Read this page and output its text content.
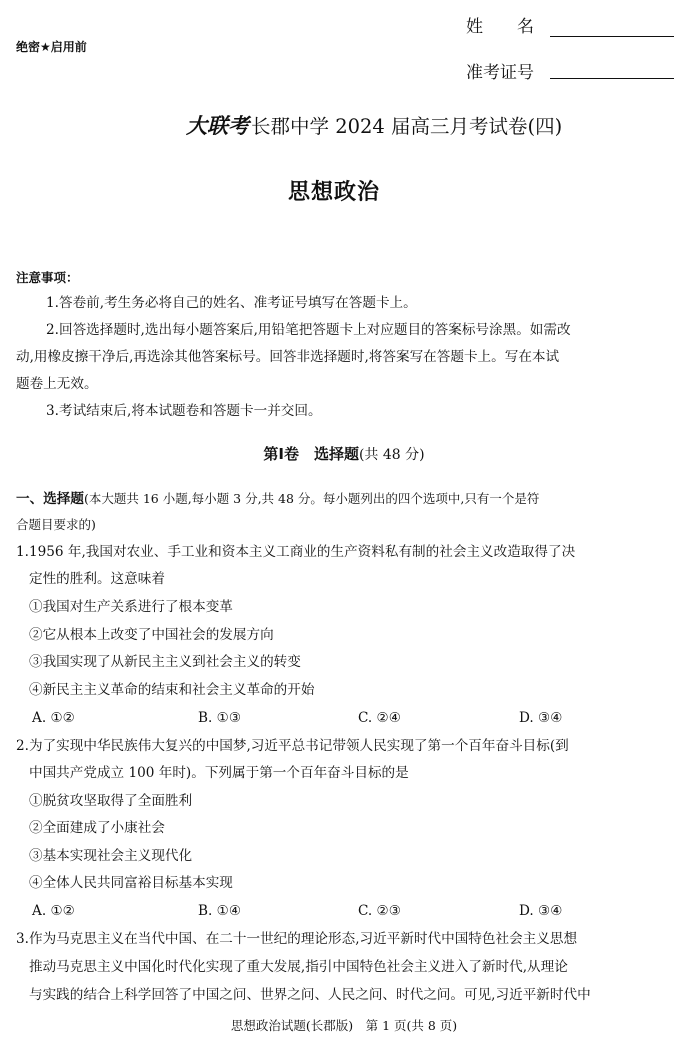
绝密★启用前
姓　　名
准考证号
大联考 长郡中学 2024 届高三月考试卷(四)
思想政治
注意事项：
1.答卷前,考生务必将自己的姓名、准考证号填写在答题卡上。
2.回答选择题时,选出每小题答案后,用铅笔把答题卡上对应题目的答案标号涂黑。如需改
动,用橡皮擦干净后,再选涂其他答案标号。回答非选择题时,将答案写在答题卡上。写在本试
题卷上无效。
3.考试结束后,将本试题卷和答题卡一并交回。
第Ⅰ卷　选择题(共 48 分)
一、选择题(本大题共 16 小题,每小题 3 分,共 48 分。每小题列出的四个选项中,只有一个是符
合题目要求的)
1.1956 年,我国对农业、手工业和资本主义工商业的生产资料私有制的社会主义改造取得了决
定性的胜利。这意味着
①我国对生产关系进行了根本变革
②它从根本上改变了中国社会的发展方向
③我国实现了从新民主主义到社会主义的转变
④新民主主义革命的结束和社会主义革命的开始
A. ①②	B. ①③	C. ②④	D. ③④
2.为了实现中华民族伟大复兴的中国梦,习近平总书记带领人民实现了第一个百年奋斗目标(到
中国共产党成立 100 年时)。下列属于第一个百年奋斗目标的是
①脱贫攻坚取得了全面胜利
②全面建成了小康社会
③基本实现社会主义现代化
④全体人民共同富裕目标基本实现
A. ①②	B. ①④	C. ②③	D. ③④
3.作为马克思主义在当代中国、在二十一世纪的理论形态,习近平新时代中国特色社会主义思想
推动马克思主义中国化时代化实现了重大发展,指引中国特色社会主义进入了新时代,从理论
与实践的结合上科学回答了中国之问、世界之问、人民之问、时代之问。可见,习近平新时代中
思想政治试题(长郡版)　第 1 页(共 8 页)
